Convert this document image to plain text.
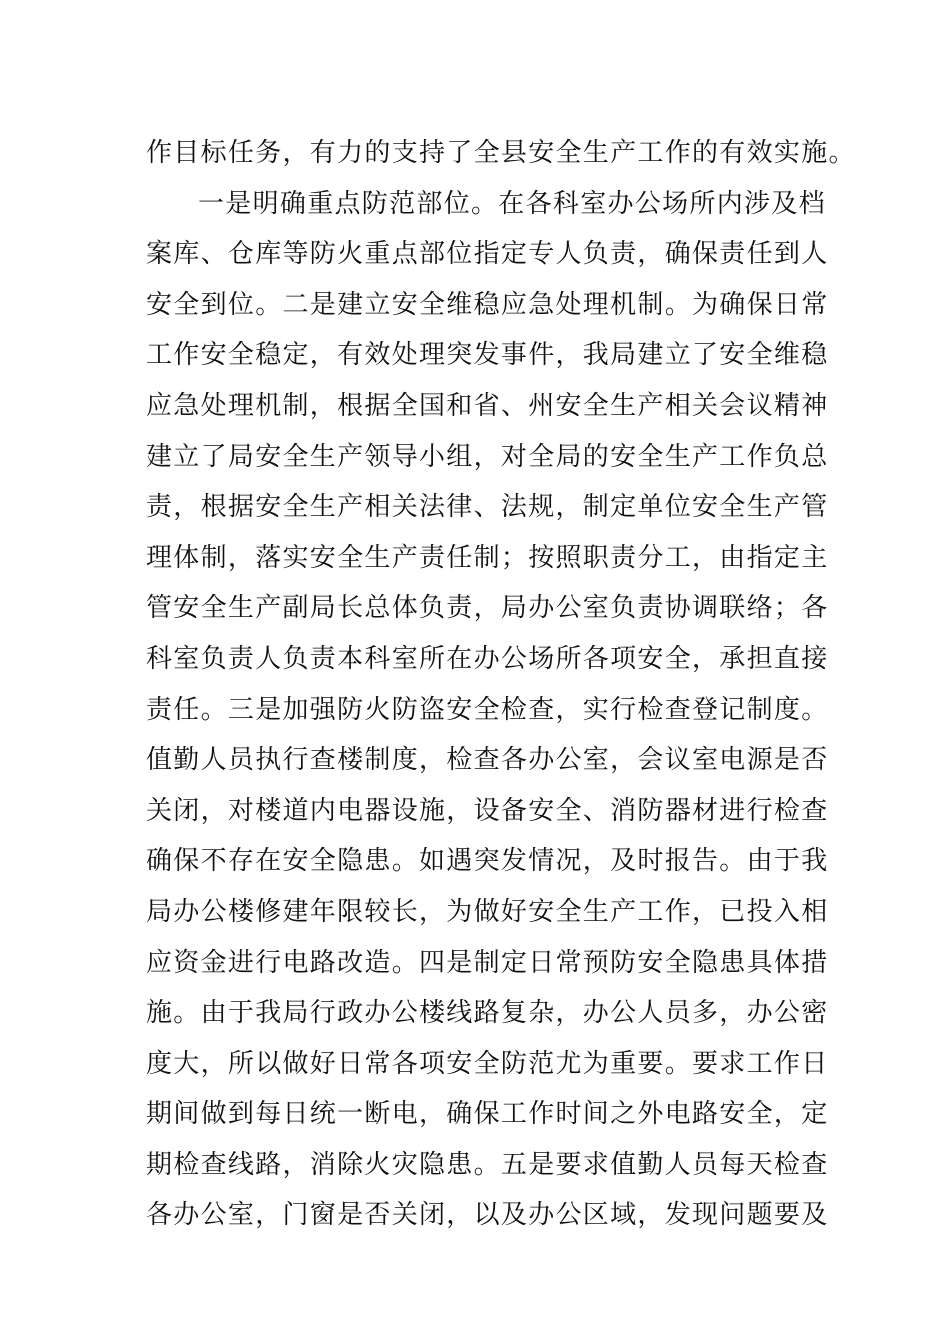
作目标任务，有力的支持了全县安全生产工作的有效实施。
一是明确重点防范部位。在各科室办公场所内涉及档
案库、仓库等防火重点部位指定专人负责，确保责任到人
安全到位。二是建立安全维稳应急处理机制。为确保日常
工作安全稳定，有效处理突发事件，我局建立了安全维稳
应急处理机制，根据全国和省、州安全生产相关会议精神
建立了局安全生产领导小组，对全局的安全生产工作负总
责，根据安全生产相关法律、法规，制定单位安全生产管
理体制，落实安全生产责任制；按照职责分工，由指定主
管安全生产副局长总体负责，局办公室负责协调联络；各
科室负责人负责本科室所在办公场所各项安全，承担直接
责任。三是加强防火防盗安全检查，实行检查登记制度。
值勤人员执行查楼制度，检查各办公室，会议室电源是否
关闭，对楼道内电器设施，设备安全、消防器材进行检查
确保不存在安全隐患。如遇突发情况，及时报告。由于我
局办公楼修建年限较长，为做好安全生产工作，已投入相
应资金进行电路改造。四是制定日常预防安全隐患具体措
施。由于我局行政办公楼线路复杂，办公人员多，办公密
度大，所以做好日常各项安全防范尤为重要。要求工作日
期间做到每日统一断电，确保工作时间之外电路安全，定
期检查线路，消除火灾隐患。五是要求值勤人员每天检查
各办公室，门窗是否关闭，以及办公区域，发现问题要及
